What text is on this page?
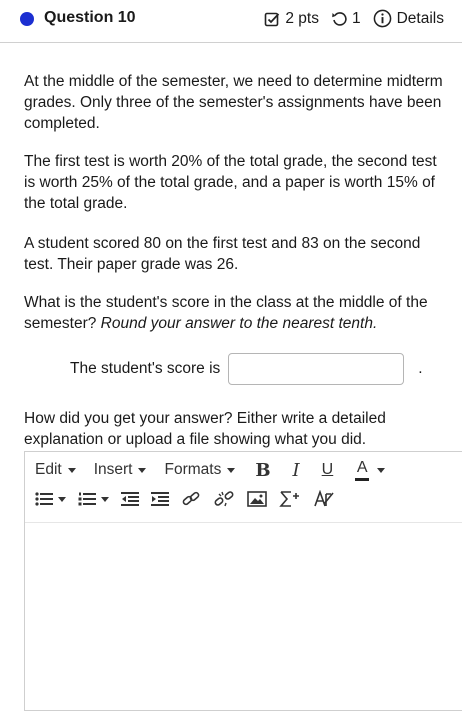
Question 10	2 pts 1 Details
At the middle of the semester, we need to determine midterm grades. Only three of the semester's assignments have been completed.
The first test is worth 20% of the total grade, the second test is worth 25% of the total grade, and a paper is worth 15% of the total grade.
A student scored 80 on the first test and 83 on the second test. Their paper grade was 26.
What is the student's score in the class at the middle of the semester? Round your answer to the nearest tenth.
The student's score is	.
How did you get your answer? Either write a detailed explanation or upload a file showing what you did.
Edit Insert Formats B I U A
